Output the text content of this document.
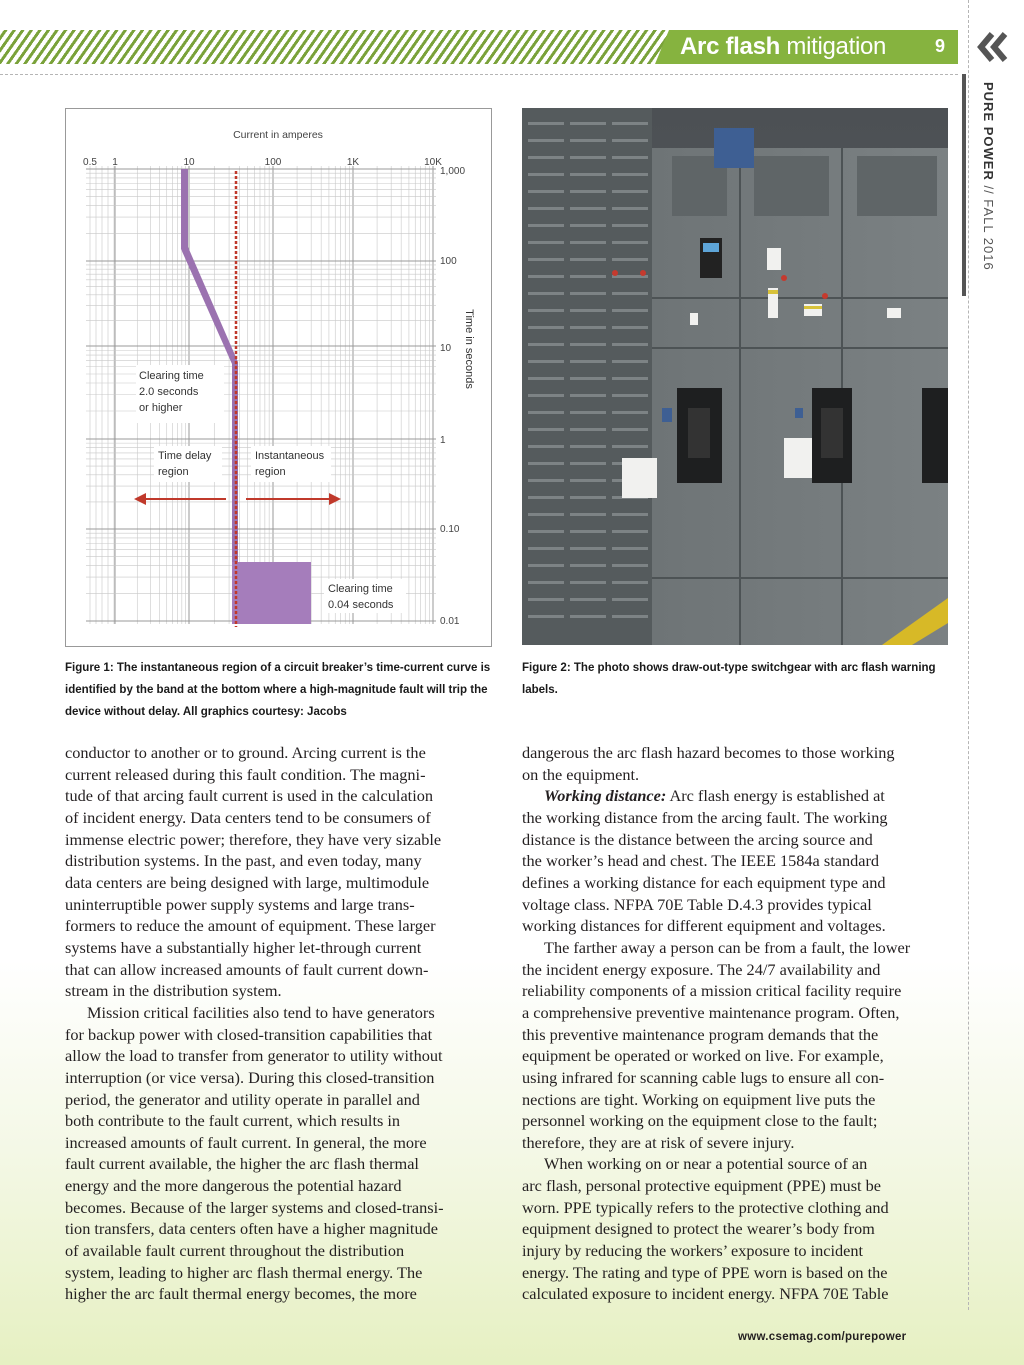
Arc flash mitigation	9
PURE POWER // FALL 2016
Current in amperes
0.5 1	10	100	1K	10K
1,000
100
10
1
0.10
0.01
Time in seconds
Clearing time 2.0 seconds or higher
Time delay region
Instantaneous region
Clearing time 0.04 seconds
Figure 1: The instantaneous region of a circuit breaker’s time-current curve is identified by the band at the bottom where a high-magnitude fault will trip the device without delay. All graphics courtesy: Jacobs
Figure 2: The photo shows draw-out-type switchgear with arc flash warning labels.
conductor to another or to ground. Arcing current is the
current released during this fault condition. The magni-
tude of that arcing fault current is used in the calculation
of incident energy. Data centers tend to be consumers of
immense electric power; therefore, they have very sizable
distribution systems. In the past, and even today, many
data centers are being designed with large, multimodule
uninterruptible power supply systems and large trans-
formers to reduce the amount of equipment. These larger
systems have a substantially higher let-through current
that can allow increased amounts of fault current down-
stream in the distribution system.
Mission critical facilities also tend to have generators
for backup power with closed-transition capabilities that
allow the load to transfer from generator to utility without
interruption (or vice versa). During this closed-transition
period, the generator and utility operate in parallel and
both contribute to the fault current, which results in
increased amounts of fault current. In general, the more
fault current available, the higher the arc flash thermal
energy and the more dangerous the potential hazard
becomes. Because of the larger systems and closed-transi-
tion transfers, data centers often have a higher magnitude
of available fault current throughout the distribution
system, leading to higher arc flash thermal energy. The
higher the arc fault thermal energy becomes, the more
dangerous the arc flash hazard becomes to those working
on the equipment.
Working distance: Arc flash energy is established at
the working distance from the arcing fault. The working
distance is the distance between the arcing source and
the worker’s head and chest. The IEEE 1584a standard
defines a working distance for each equipment type and
voltage class. NFPA 70E Table D.4.3 provides typical
working distances for different equipment and voltages.
The farther away a person can be from a fault, the lower
the incident energy exposure. The 24/7 availability and
reliability components of a mission critical facility require
a comprehensive preventive maintenance program. Often,
this preventive maintenance program demands that the
equipment be operated or worked on live. For example,
using infrared for scanning cable lugs to ensure all con-
nections are tight. Working on equipment live puts the
personnel working on the equipment close to the fault;
therefore, they are at risk of severe injury.
When working on or near a potential source of an
arc flash, personal protective equipment (PPE) must be
worn. PPE typically refers to the protective clothing and
equipment designed to protect the wearer’s body from
injury by reducing the workers’ exposure to incident
energy. The rating and type of PPE worn is based on the
calculated exposure to incident energy. NFPA 70E Table
www.csemag.com/purepower
